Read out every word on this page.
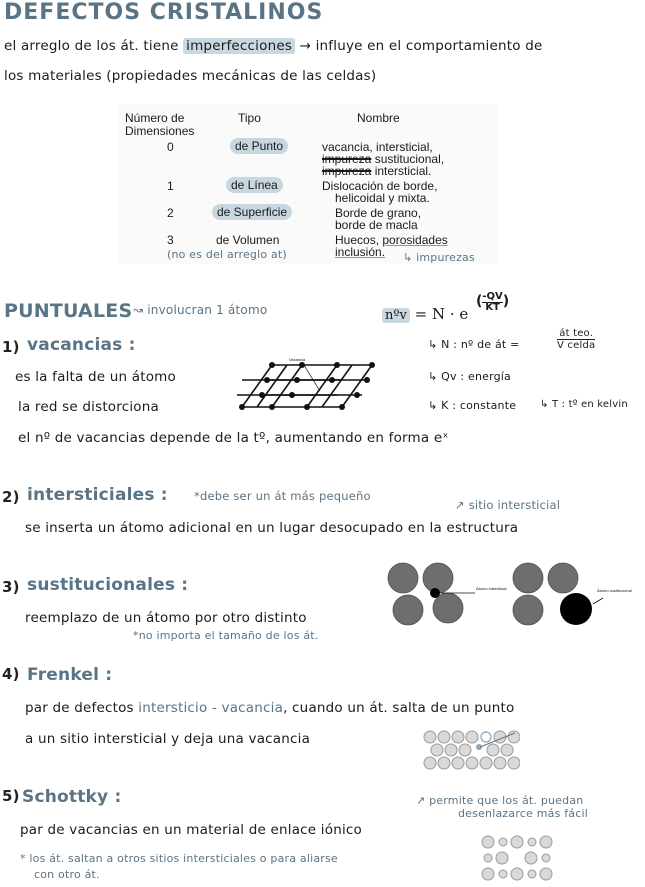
DEFECTOS CRISTALINOS
el arreglo de los át. tiene imperfecciones → influye en el comportamiento de
los materiales (propiedades mecánicas de las celdas)
Número de
Dimensiones
Tipo	Nombre
0	de Punto	vacancia, intersticial,
impureza sustitucional,
impureza intersticial.
1	de Línea	Dislocación de borde,
helicoidal y mixta.
2	de Superficie	Borde de grano,
borde de macla
3	de Volumen	Huecos, porosidades
inclusión.
(no es del arreglo at)	↳ impurezas
PUNTUALES ↝ involucran 1 átomo	nºv = N · e
( $\frac{-QV}{KT}$ )
↳ N : nº de át =
át teo.
V celda
↳ Qv : energía
↳ K : constante ↳ T : tº en kelvin
1) vacancias :
es la falta de un átomo
la red se distorciona
el nº de vacancias depende de la tº, aumentando en forma eˣ
Vacancia
2) intersticiales : *debe ser un át más pequeño
↗ sitio intersticial
se inserta un átomo adicional en un lugar desocupado en la estructura
3) sustitucionales :
reemplazo de un átomo por otro distinto
*no importa el tamaño de los át.
Átomo intersticial	Átomo sustitucional
4) Frenkel :
par de defectos intersticio - vacancia, cuando un át. salta de un punto
a un sitio intersticial y deja una vacancia
5) Schottky :	↗ permite que los át. puedan
desenlazarce más fácil
par de vacancias en un material de enlace iónico
* los át. saltan a otros sitios intersticiales o para aliarse
con otro át.
